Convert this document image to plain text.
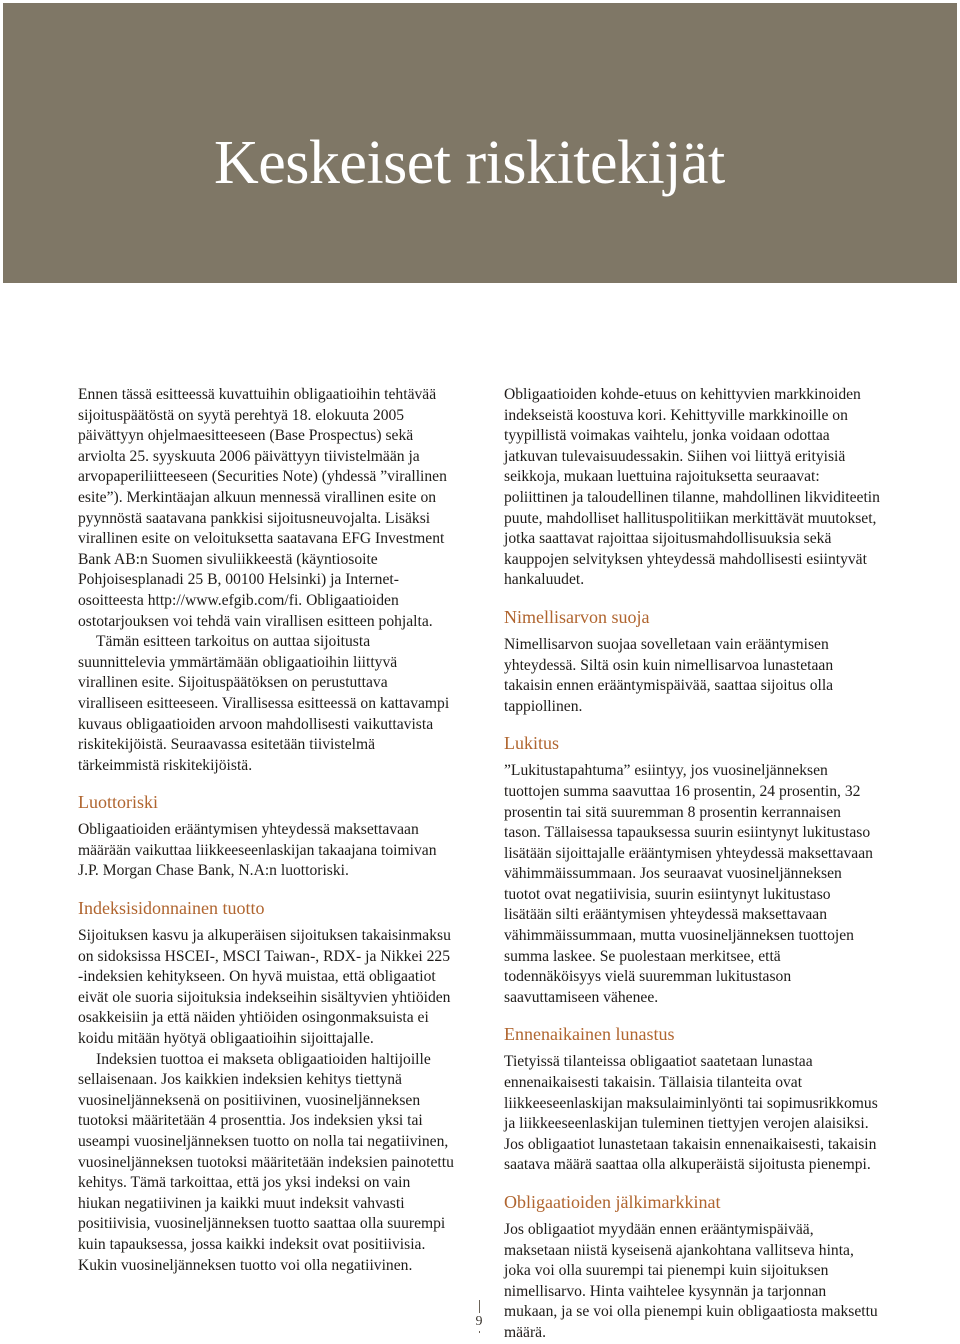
Keskeiset riskitekijät

Ennen tässä esitteessä kuvattuihin obligaatioihin tehtävää sijoituspäätöstä on syytä perehtyä 18. elokuuta 2005 päivättyyn ohjelmaesitteeseen (Base Prospectus) sekä arviolta 25. syyskuuta 2006 päivättyyn tiivistelmään ja arvopaperiliitteeseen (Securities Note) (yhdessä ”virallinen esite”). Merkintäajan alkuun mennessä virallinen esite on pyynnöstä saatavana pankkisi sijoitusneuvojalta. Lisäksi virallinen esite on veloituksetta saatavana EFG Investment Bank AB:n Suomen sivuliikkeestä (käyntiosoite Pohjoisesplanadi 25 B, 00100 Helsinki) ja Internet-osoitteesta http://www.efgib.com/fi. Obligaatioiden ostotarjouksen voi tehdä vain virallisen esitteen pohjalta.

Tämän esitteen tarkoitus on auttaa sijoitusta suunnittelevia ymmärtämään obligaatioihin liittyvä virallinen esite. Sijoituspäätöksen on perustuttava viralliseen esitteeseen. Virallisessa esitteessä on kattavampi kuvaus obligaatioiden arvoon mahdollisesti vaikuttavista riskitekijöistä. Seuraavassa esitetään tiivistelmä tärkeimmistä riskitekijöistä.

Luottoriski

Obligaatioiden erääntymisen yhteydessä maksettavaan määrään vaikuttaa liikkeeseenlaskijan takaajana toimivan J.P. Morgan Chase Bank, N.A:n luottoriski.

Indeksisidonnainen tuotto

Sijoituksen kasvu ja alkuperäisen sijoituksen takaisinmaksu on sidoksissa HSCEI-, MSCI Taiwan-, RDX- ja Nikkei 225 -indeksien kehitykseen. On hyvä muistaa, että obligaatiot eivät ole suoria sijoituksia indekseihin sisältyvien yhtiöiden osakkeisiin ja että näiden yhtiöiden osingonmaksuista ei koidu mitään hyötyä obligaatioihin sijoittajalle.

Indeksien tuottoa ei makseta obligaatioiden haltijoille sellaisenaan. Jos kaikkien indeksien kehitys tiettynä vuosineljänneksenä on positiivinen, vuosineljänneksen tuotoksi määritetään 4 prosenttia. Jos indeksien yksi tai useampi vuosineljänneksen tuotto on nolla tai negatiivinen, vuosineljänneksen tuotoksi määritetään indeksien painotettu kehitys. Tämä tarkoittaa, että jos yksi indeksi on vain hiukan negatiivinen ja kaikki muut indeksit vahvasti positiivisia, vuosineljänneksen tuotto saattaa olla suurempi kuin tapauksessa, jossa kaikki indeksit ovat positiivisia. Kukin vuosineljänneksen tuotto voi olla negatiivinen.

Obligaatioiden kohde-etuus on kehittyvien markkinoiden indekseistä koostuva kori. Kehittyville markkinoille on tyypillistä voimakas vaihtelu, jonka voidaan odottaa jatkuvan tulevaisuudessakin. Siihen voi liittyä erityisiä seikkoja, mukaan luettuina rajoituksetta seuraavat: poliittinen ja taloudellinen tilanne, mahdollinen likviditeetin puute, mahdolliset hallituspolitiikan merkittävät muutokset, jotka saattavat rajoittaa sijoitusmahdollisuuksia sekä kauppojen selvityksen yhteydessä mahdollisesti esiintyvät hankaluudet.

Nimellisarvon suoja

Nimellisarvon suojaa sovelletaan vain erääntymisen yhteydessä. Siltä osin kuin nimellisarvoa lunastetaan takaisin ennen erääntymispäivää, saattaa sijoitus olla tappiollinen.

Lukitus

”Lukitustapahtuma” esiintyy, jos vuosineljänneksen tuottojen summa saavuttaa 16 prosentin, 24 prosentin, 32 prosentin tai sitä suuremman 8 prosentin kerrannaisen tason. Tällaisessa tapauksessa suurin esiintynyt lukitustaso lisätään sijoittajalle erääntymisen yhteydessä maksettavaan vähimmäissummaan. Jos seuraavat vuosineljänneksen tuotot ovat negatiivisia, suurin esiintynyt lukitustaso lisätään silti erääntymisen yhteydessä maksettavaan vähimmäissummaan, mutta vuosineljänneksen tuottojen summa laskee. Se puolestaan merkitsee, että todennäköisyys vielä suuremman lukitustason saavuttamiseen vähenee.

Ennenaikainen lunastus

Tietyissä tilanteissa obligaatiot saatetaan lunastaa ennenaikaisesti takaisin. Tällaisia tilanteita ovat liikkeeseenlaskijan maksulaiminlyönti tai sopimusrikkomus ja liikkeeseenlaskijan tuleminen tiettyjen verojen alaisiksi. Jos obligaatiot lunastetaan takaisin ennenaikaisesti, takaisin saatava määrä saattaa olla alkuperäistä sijoitusta pienempi.

Obligaatioiden jälkimarkkinat

Jos obligaatiot myydään ennen erääntymispäivää, maksetaan niistä kyseisenä ajankohtana vallitseva hinta, joka voi olla suurempi tai pienempi kuin sijoituksen nimellisarvo. Hinta vaihtelee kysynnän ja tarjonnan mukaan, ja se voi olla pienempi kuin obligaatiosta maksettu määrä.

9
